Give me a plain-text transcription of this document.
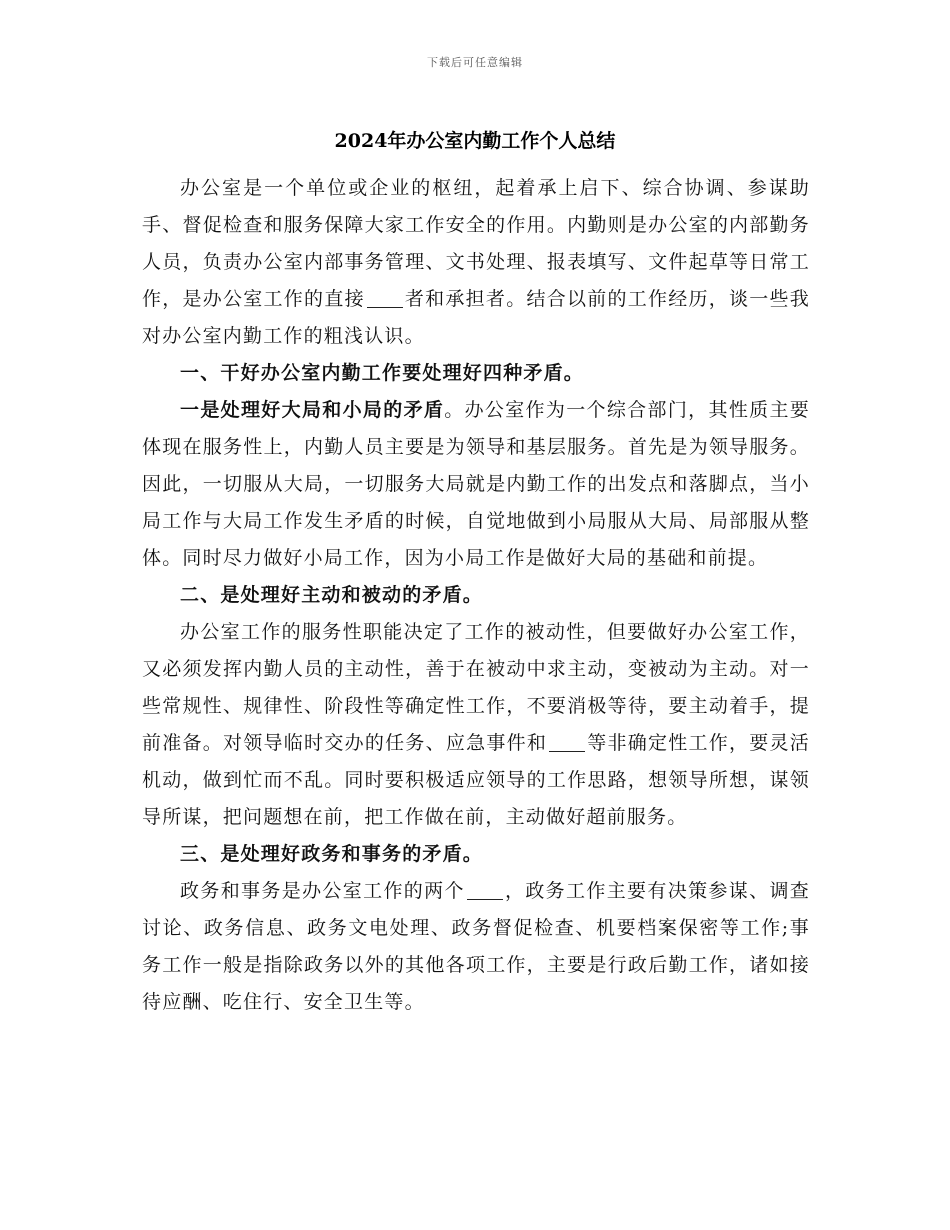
下载后可任意编辑
2024年办公室内勤工作个人总结

办公室是一个单位或企业的枢纽，起着承上启下、综合协调、参谋助手、督促检查和服务保障大家工作安全的作用。内勤则是办公室的内部勤务人员，负责办公室内部事务管理、文书处理、报表填写、文件起草等日常工作，是办公室工作的直接 者和承担者。结合以前的工作经历，谈一些我对办公室内勤工作的粗浅认识。

一、干好办公室内勤工作要处理好四种矛盾。

一是处理好大局和小局的矛盾。办公室作为一个综合部门，其性质主要体现在服务性上，内勤人员主要是为领导和基层服务。首先是为领导服务。因此，一切服从大局，一切服务大局就是内勤工作的出发点和落脚点，当小局工作与大局工作发生矛盾的时候，自觉地做到小局服从大局、局部服从整体。同时尽力做好小局工作，因为小局工作是做好大局的基础和前提。

二、是处理好主动和被动的矛盾。

办公室工作的服务性职能决定了工作的被动性，但要做好办公室工作，又必须发挥内勤人员的主动性，善于在被动中求主动，变被动为主动。对一些常规性、规律性、阶段性等确定性工作，不要消极等待，要主动着手，提前准备。对领导临时交办的任务、应急事件和 等非确定性工作，要灵活机动，做到忙而不乱。同时要积极适应领导的工作思路，想领导所想，谋领导所谋，把问题想在前，把工作做在前，主动做好超前服务。

三、是处理好政务和事务的矛盾。

政务和事务是办公室工作的两个 ，政务工作主要有决策参谋、调查讨论、政务信息、政务文电处理、政务督促检查、机要档案保密等工作;事务工作一般是指除政务以外的其他各项工作，主要是行政后勤工作，诸如接待应酬、吃住行、安全卫生等。
